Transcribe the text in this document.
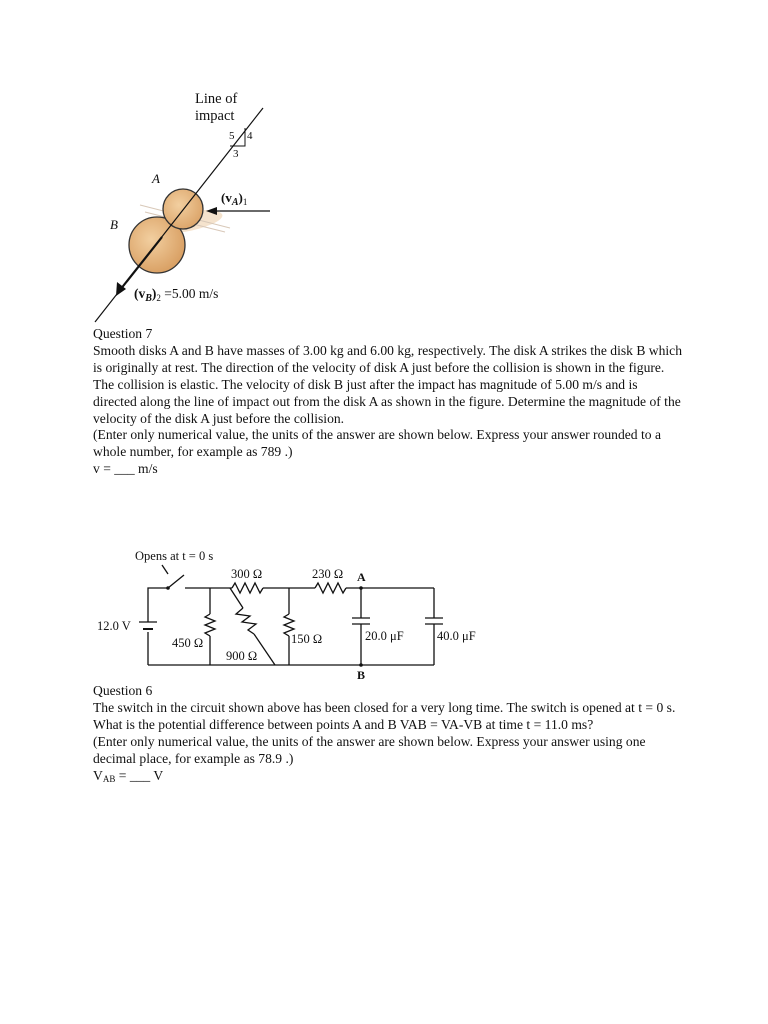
Line of
impact
5 4
3
A
B
$(v_A)_1$
$(v_B)_2 =5.00$ m/s

Question 7

Smooth disks A and B have masses of 3.00 kg and 6.00 kg, respectively. The disk A strikes the disk B which is originally at rest. The direction of the velocity of disk A just before the collision is shown in the figure. The collision is elastic. The velocity of disk B just after the impact has magnitude of 5.00 m/s and is directed along the line of impact out from the disk A as shown in the figure. Determine the magnitude of the velocity of the disk A just before the collision.

(Enter only numerical value, the units of the answer are shown below. Express your answer rounded to a whole number, for example as 789 .)

v = ___ m/s

Opens at t = 0 s
12.0 V
300 Ω	230 Ω
450 Ω
900 Ω
150 Ω	20.0 μF	40.0 μF
A
B

Question 6

The switch in the circuit shown above has been closed for a very long time. The switch is opened at t = 0 s. What is the potential difference between points A and B VAB = VA-VB at time t = 11.0 ms?

(Enter only numerical value, the units of the answer are shown below. Express your answer using one decimal place, for example as 78.9 .)

$V_{AB}$ = ___ V
